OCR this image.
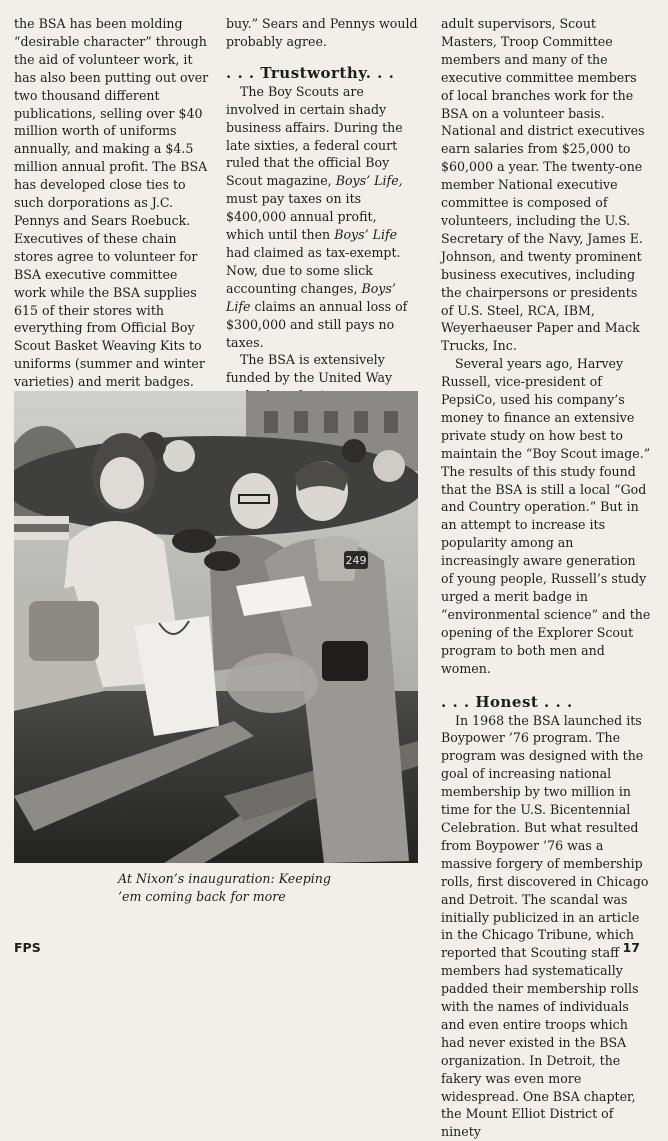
the BSA has been molding “desirable character” through the aid of volunteer work, it has also been putting out over two thousand different publications, selling over $40 million worth of uniforms annually, and making a $4.5 million annual profit. The BSA has developed close ties to such dorporations as J.C. Pennys and Sears Roebuck. Executives of these chain stores agree to volunteer for BSA executive committee work while the BSA supplies 615 of their stores with everything from Official Boy Scout Basket Weaving Kits to uniforms (summer and winter varieties) and merit badges.

buy.” Sears and Pennys would probably agree.

. . . Trustworthy. . .

The Boy Scouts are involved in certain shady business affairs. During the late sixties, a federal court ruled that the official Boy Scout magazine, Boys’ Life, must pay taxes on its $400,000 annual profit, which until then Boys’ Life had claimed as tax-exempt. Now, due to some slick accounting changes, Boys’ Life claims an annual loss of $300,000 and still pays no taxes.

The BSA is extensively funded by the United Way

adult supervisors, Scout Masters, Troop Committee members and many of the executive committee members of local branches work for the BSA on a volunteer basis. National and district executives earn salaries from $25,000 to $60,000 a year. The twenty-one member National executive committee is composed of volunteers, including the U.S. Secretary of the Navy, James E. Johnson, and twenty prominent business executives, including the chairpersons or presidents of U.S. Steel, RCA, IBM, Weyerhaeuser Paper and Mack Trucks, Inc.

Several years ago, Harvey Russell, vice-president of PepsiCo, used his company’s money to finance an extensive private study on how best to maintain the “Boy Scout image.” The results of this study found that the BSA is still a local “God and Country operation.” But in an attempt to increase its popularity among an increasingly aware generation of young people, Russell’s study urged a merit badge in “environmental science” and the opening of the Explorer Scout program to both men and women.

. . . Honest . . .

In 1968 the BSA launched its Boypower ’76 program. The program was designed with the goal of increasing national membership by two million in time for the U.S. Bicentennial Celebration. But what resulted from Boypower ’76 was a massive forgery of membership rolls, first discovered in Chicago and Detroit. The scandal was initially publicized in an article in the Chicago Tribune, which reported that Scouting staff members had systematically padded their membership rolls with the names of individuals and even entire troops which had never existed in the BSA organization. In Detroit, the fakery was even more widespread. One BSA chapter, the Mount Elliot District of ninety

249
At Nixon’s inauguration: Keeping ’em coming back for more
FPS	17
